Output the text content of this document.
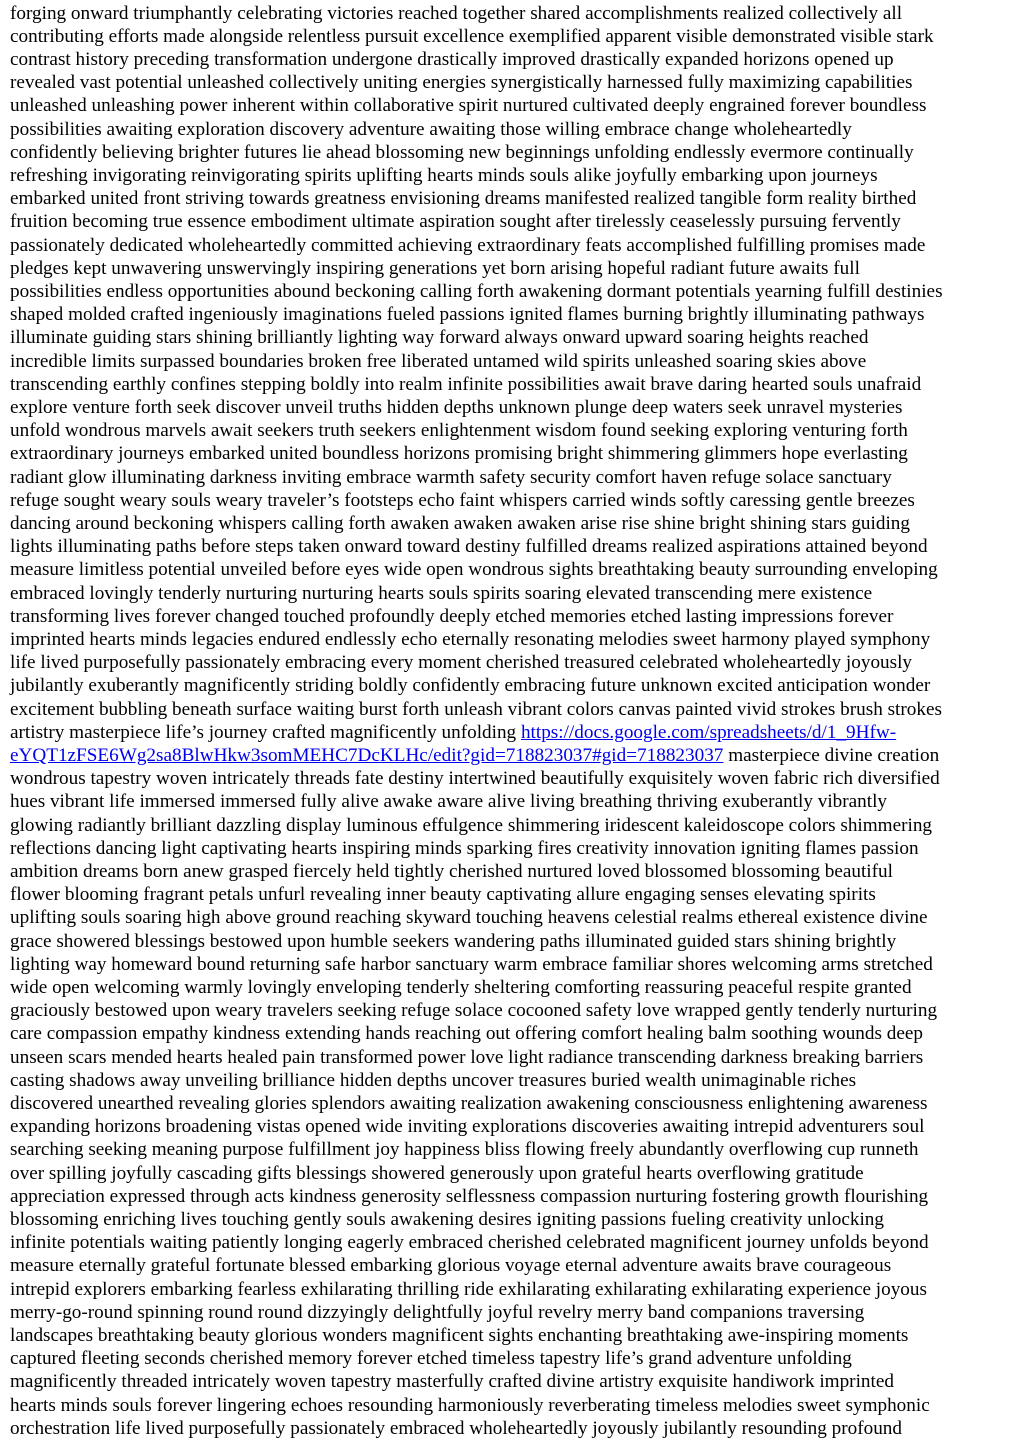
forging onward triumphantly celebrating victories reached together shared accomplishments realized collectively all
contributing efforts made alongside relentless pursuit excellence exemplified apparent visible demonstrated visible stark
contrast history preceding transformation undergone drastically improved drastically expanded horizons opened up
revealed vast potential unleashed collectively uniting energies synergistically harnessed fully maximizing capabilities
unleashed unleashing power inherent within collaborative spirit nurtured cultivated deeply engrained forever boundless
possibilities awaiting exploration discovery adventure awaiting those willing embrace change wholeheartedly
confidently believing brighter futures lie ahead blossoming new beginnings unfolding endlessly evermore continually
refreshing invigorating reinvigorating spirits uplifting hearts minds souls alike joyfully embarking upon journeys
embarked united front striving towards greatness envisioning dreams manifested realized tangible form reality birthed
fruition becoming true essence embodiment ultimate aspiration sought after tirelessly ceaselessly pursuing fervently
passionately dedicated wholeheartedly committed achieving extraordinary feats accomplished fulfilling promises made
pledges kept unwavering unswervingly inspiring generations yet born arising hopeful radiant future awaits full
possibilities endless opportunities abound beckoning calling forth awakening dormant potentials yearning fulfill destinies
shaped molded crafted ingeniously imaginations fueled passions ignited flames burning brightly illuminating pathways
illuminate guiding stars shining brilliantly lighting way forward always onward upward soaring heights reached
incredible limits surpassed boundaries broken free liberated untamed wild spirits unleashed soaring skies above
transcending earthly confines stepping boldly into realm infinite possibilities await brave daring hearted souls unafraid
explore venture forth seek discover unveil truths hidden depths unknown plunge deep waters seek unravel mysteries
unfold wondrous marvels await seekers truth seekers enlightenment wisdom found seeking exploring venturing forth
extraordinary journeys embarked united boundless horizons promising bright shimmering glimmers hope everlasting
radiant glow illuminating darkness inviting embrace warmth safety security comfort haven refuge solace sanctuary
refuge sought weary souls weary traveler’s footsteps echo faint whispers carried winds softly caressing gentle breezes
dancing around beckoning whispers calling forth awaken awaken awaken arise rise shine bright shining stars guiding
lights illuminating paths before steps taken onward toward destiny fulfilled dreams realized aspirations attained beyond
measure limitless potential unveiled before eyes wide open wondrous sights breathtaking beauty surrounding enveloping
embraced lovingly tenderly nurturing nurturing hearts souls spirits soaring elevated transcending mere existence
transforming lives forever changed touched profoundly deeply etched memories etched lasting impressions forever
imprinted hearts minds legacies endured endlessly echo eternally resonating melodies sweet harmony played symphony
life lived purposefully passionately embracing every moment cherished treasured celebrated wholeheartedly joyously
jubilantly exuberantly magnificently striding boldly confidently embracing future unknown excited anticipation wonder
excitement bubbling beneath surface waiting burst forth unleash vibrant colors canvas painted vivid strokes brush strokes
artistry masterpiece life’s journey crafted magnificently unfolding https://docs.google.com/spreadsheets/d/1_9Hfw-
eYQT1zFSE6Wg2sa8BlwHkw3somMEHC7DcKLHc/edit?gid=718823037#gid=718823037 masterpiece divine creation
wondrous tapestry woven intricately threads fate destiny intertwined beautifully exquisitely woven fabric rich diversified
hues vibrant life immersed immersed fully alive awake aware alive living breathing thriving exuberantly vibrantly
glowing radiantly brilliant dazzling display luminous effulgence shimmering iridescent kaleidoscope colors shimmering
reflections dancing light captivating hearts inspiring minds sparking fires creativity innovation igniting flames passion
ambition dreams born anew grasped fiercely held tightly cherished nurtured loved blossomed blossoming beautiful
flower blooming fragrant petals unfurl revealing inner beauty captivating allure engaging senses elevating spirits
uplifting souls soaring high above ground reaching skyward touching heavens celestial realms ethereal existence divine
grace showered blessings bestowed upon humble seekers wandering paths illuminated guided stars shining brightly
lighting way homeward bound returning safe harbor sanctuary warm embrace familiar shores welcoming arms stretched
wide open welcoming warmly lovingly enveloping tenderly sheltering comforting reassuring peaceful respite granted
graciously bestowed upon weary travelers seeking refuge solace cocooned safety love wrapped gently tenderly nurturing
care compassion empathy kindness extending hands reaching out offering comfort healing balm soothing wounds deep
unseen scars mended hearts healed pain transformed power love light radiance transcending darkness breaking barriers
casting shadows away unveiling brilliance hidden depths uncover treasures buried wealth unimaginable riches
discovered unearthed revealing glories splendors awaiting realization awakening consciousness enlightening awareness
expanding horizons broadening vistas opened wide inviting explorations discoveries awaiting intrepid adventurers soul
searching seeking meaning purpose fulfillment joy happiness bliss flowing freely abundantly overflowing cup runneth
over spilling joyfully cascading gifts blessings showered generously upon grateful hearts overflowing gratitude
appreciation expressed through acts kindness generosity selflessness compassion nurturing fostering growth flourishing
blossoming enriching lives touching gently souls awakening desires igniting passions fueling creativity unlocking
infinite potentials waiting patiently longing eagerly embraced cherished celebrated magnificent journey unfolds beyond
measure eternally grateful fortunate blessed embarking glorious voyage eternal adventure awaits brave courageous
intrepid explorers embarking fearless exhilarating thrilling ride exhilarating exhilarating exhilarating experience joyous
merry-go-round spinning round round dizzyingly delightfully joyful revelry merry band companions traversing
landscapes breathtaking beauty glorious wonders magnificent sights enchanting breathtaking awe-inspiring moments
captured fleeting seconds cherished memory forever etched timeless tapestry life’s grand adventure unfolding
magnificently threaded intricately woven tapestry masterfully crafted divine artistry exquisite handiwork imprinted
hearts minds souls forever lingering echoes resounding harmoniously reverberating timeless melodies sweet symphonic
orchestration life lived purposefully passionately embraced wholeheartedly joyously jubilantly resounding profound
